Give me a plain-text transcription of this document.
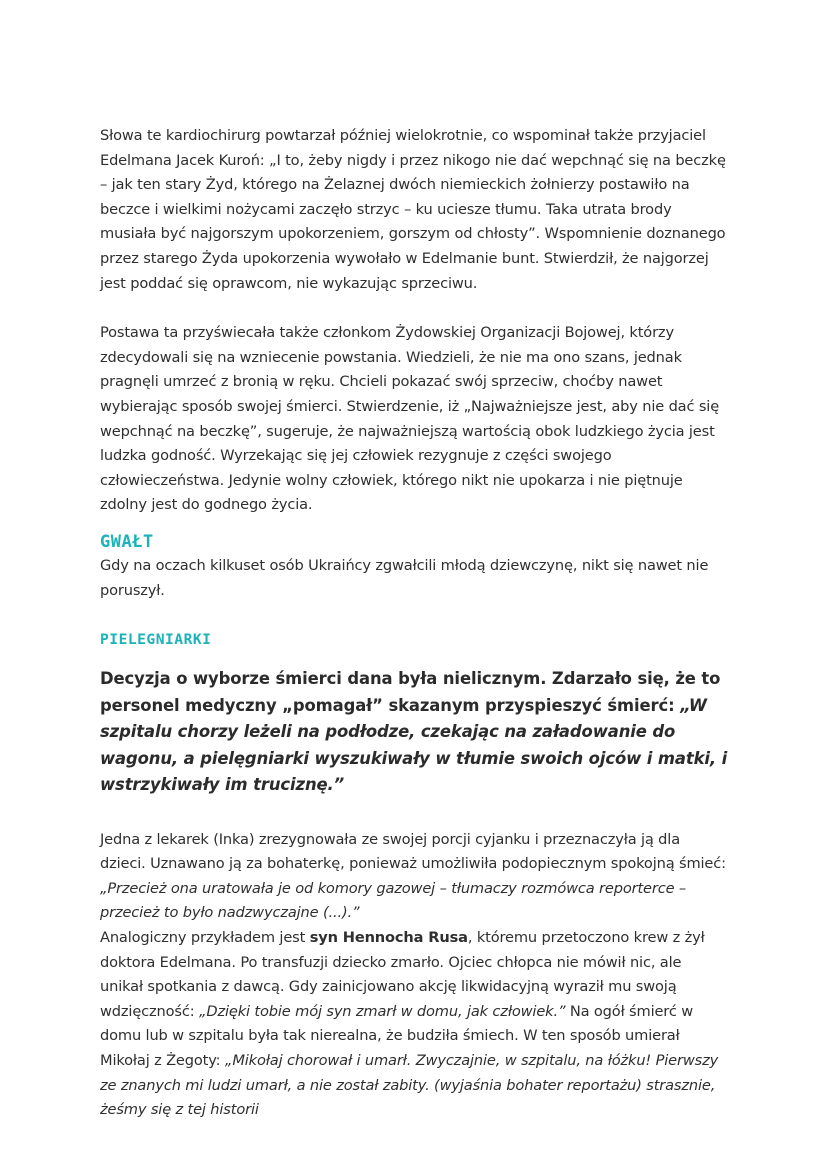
Słowa te kardiochirurg powtarzał później wielokrotnie, co wspominał także przyjaciel Edelmana Jacek Kuroń: „I to, żeby nigdy i przez nikogo nie dać wepchnąć się na beczkę – jak ten stary Żyd, którego na Żelaznej dwóch niemieckich żołnierzy postawiło na beczce i wielkimi nożycami zaczęło strzyc – ku uciesze tłumu. Taka utrata brody musiała być najgorszym upokorzeniem, gorszym od chłosty”. Wspomnienie doznanego przez starego Żyda upokorzenia wywołało w Edelmanie bunt. Stwierdził, że najgorzej jest poddać się oprawcom, nie wykazując sprzeciwu.

Postawa ta przyświecała także członkom Żydowskiej Organizacji Bojowej, którzy zdecydowali się na wzniecenie powstania. Wiedzieli, że nie ma ono szans, jednak pragnęli umrzeć z bronią w ręku. Chcieli pokazać swój sprzeciw, choćby nawet wybierając sposób swojej śmierci. Stwierdzenie, iż „Najważniejsze jest, aby nie dać się wepchnąć na beczkę”, sugeruje, że najważniejszą wartością obok ludzkiego życia jest ludzka godność. Wyrzekając się jej człowiek rezygnuje z części swojego człowieczeństwa. Jedynie wolny człowiek, którego nikt nie upokarza i nie piętnuje zdolny jest do godnego życia.

GWAŁT

Gdy na oczach kilkuset osób Ukraińcy zgwałcili młodą dziewczynę, nikt się nawet nie poruszył.

PIELEGNIARKI

Decyzja o wyborze śmierci dana była nielicznym. Zdarzało się, że to personel medyczny „pomagał” skazanym przyspieszyć śmierć: „W szpitalu chorzy leżeli na podłodze, czekając na załadowanie do wagonu, a pielęgniarki wyszukiwały w tłumie swoich ojców i matki, i wstrzykiwały im truciznę.”

Jedna z lekarek (Inka) zrezygnowała ze swojej porcji cyjanku i przeznaczyła ją dla dzieci. Uznawano ją za bohaterkę, ponieważ umożliwiła podopiecznym spokojną śmieć: „Przecież ona uratowała je od komory gazowej – tłumaczy rozmówca reporterce – przecież to było nadzwyczajne (...).”

Analogiczny przykładem jest syn Hennocha Rusa, któremu przetoczono krew z żył doktora Edelmana. Po transfuzji dziecko zmarło. Ojciec chłopca nie mówił nic, ale unikał spotkania z dawcą. Gdy zainicjowano akcję likwidacyjną wyraził mu swoją wdzięczność: „Dzięki tobie mój syn zmarł w domu, jak człowiek.” Na ogół śmierć w domu lub w szpitalu była tak nierealna, że budziła śmiech. W ten sposób umierał Mikołaj z Żegoty: „Mikołaj chorował i umarł. Zwyczajnie, w szpitalu, na łóżku! Pierwszy ze znanych mi ludzi umarł, a nie został zabity. (wyjaśnia bohater reportażu) strasznie, żeśmy się z tej historii
